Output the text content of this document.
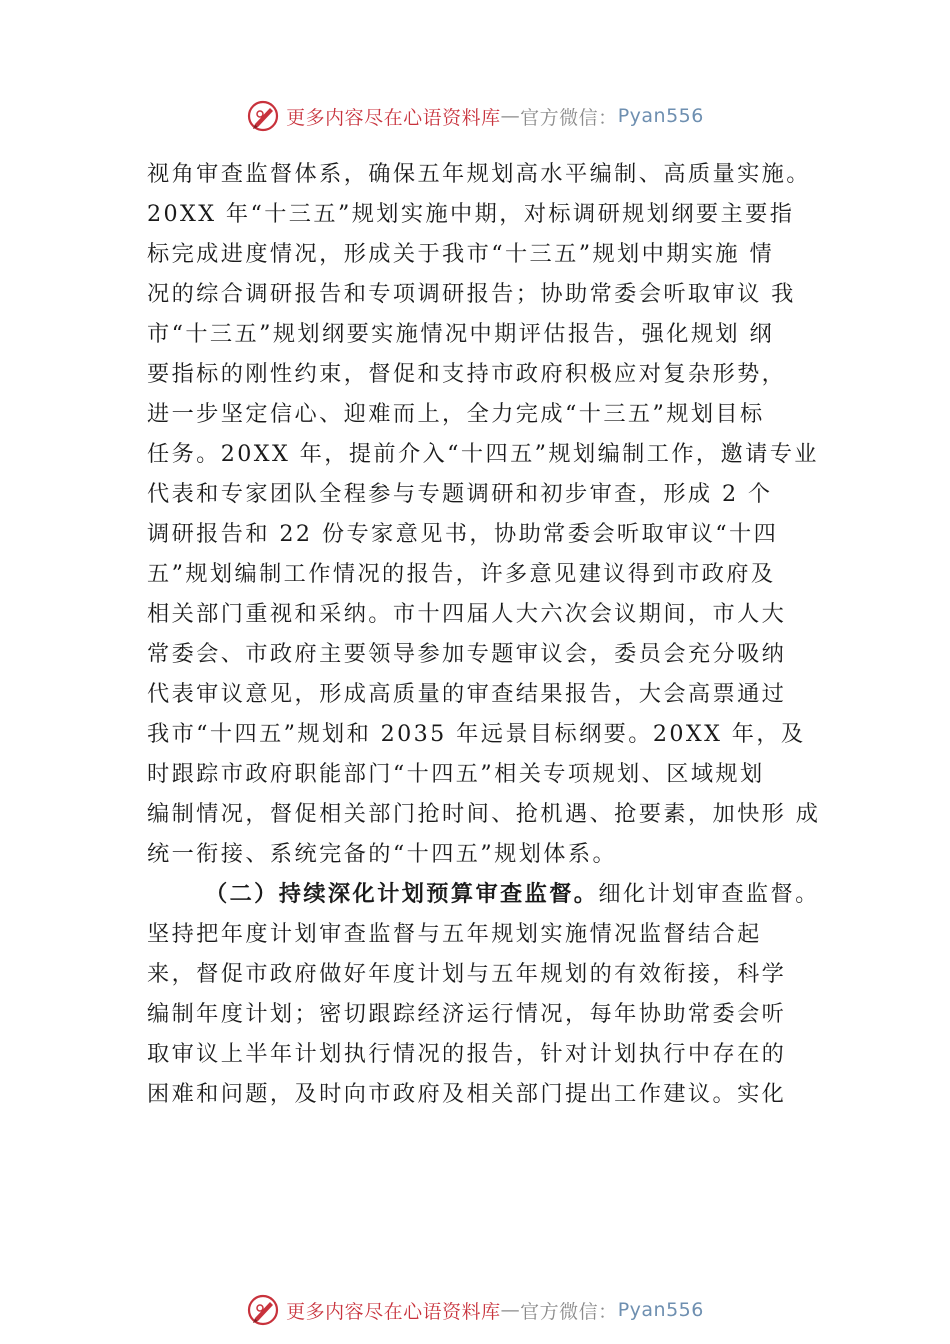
更多内容尽在心语资料库 — 官方微信： Pyan556
视角审查监督体系，确保五年规划高水平编制、高质量实施。
20XX 年“十三五”规划实施中期，对标调研规划纲要主要指
标完成进度情况，形成关于我市“十三五”规划中期实施 情
况的综合调研报告和专项调研报告；协助常委会听取审议 我
市“十三五”规划纲要实施情况中期评估报告，强化规划 纲
要指标的刚性约束，督促和支持市政府积极应对复杂形势，
进一步坚定信心、迎难而上，全力完成“十三五”规划目标
任务。20XX 年，提前介入“十四五”规划编制工作，邀请专业
代表和专家团队全程参与专题调研和初步审查，形成 2 个
调研报告和 22 份专家意见书，协助常委会听取审议“十四
五”规划编制工作情况的报告，许多意见建议得到市政府及
相关部门重视和采纳。市十四届人大六次会议期间，市人大
常委会、市政府主要领导参加专题审议会，委员会充分吸纳
代表审议意见，形成高质量的审查结果报告，大会高票通过
我市“十四五”规划和 2035 年远景目标纲要。20XX 年，及
时跟踪市政府职能部门“十四五”相关专项规划、区域规划
编制情况，督促相关部门抢时间、抢机遇、抢要素，加快形 成
统一衔接、系统完备的“十四五”规划体系。
（二）持续深化计划预算审查监督。细化计划审查监督。
坚持把年度计划审查监督与五年规划实施情况监督结合起
来，督促市政府做好年度计划与五年规划的有效衔接，科学
编制年度计划；密切跟踪经济运行情况，每年协助常委会听
取审议上半年计划执行情况的报告，针对计划执行中存在的
困难和问题，及时向市政府及相关部门提出工作建议。实化
更多内容尽在心语资料库 — 官方微信： Pyan556
